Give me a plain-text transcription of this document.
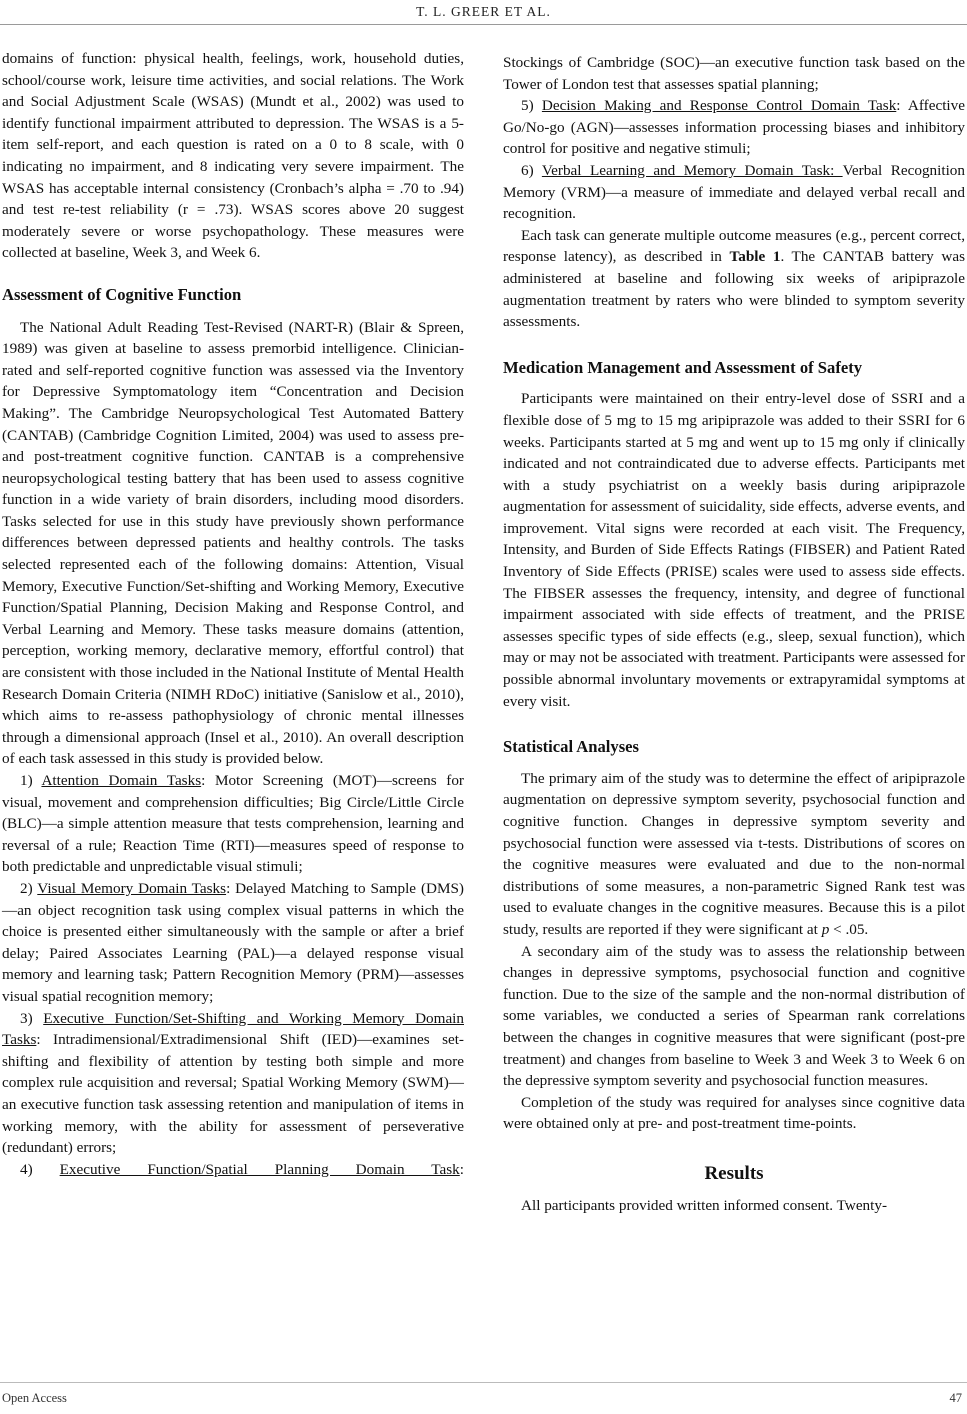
T. L. GREER ET AL.

domains of function: physical health, feelings, work, household duties, school/course work, leisure time activities, and social relations. The Work and Social Adjustment Scale (WSAS) (Mundt et al., 2002) was used to identify functional impairment attributed to depression. The WSAS is a 5-item self-report, and each question is rated on a 0 to 8 scale, with 0 indicating no impairment, and 8 indicating very severe impairment. The WSAS has acceptable internal consistency (Cronbach’s alpha = .70 to .94) and test re-test reliability (r = .73). WSAS scores above 20 suggest moderately severe or worse psychopathology. These measures were collected at baseline, Week 3, and Week 6.

Assessment of Cognitive Function

The National Adult Reading Test-Revised (NART-R) (Blair & Spreen, 1989) was given at baseline to assess premorbid intelligence. Clinician-rated and self-reported cognitive function was assessed via the Inventory for Depressive Symptomatology item “Concentration and Decision Making”. The Cambridge Neuropsychological Test Automated Battery (CANTAB) (Cambridge Cognition Limited, 2004) was used to assess pre- and post-treatment cognitive function. CANTAB is a comprehensive neuropsychological testing battery that has been used to assess cognitive function in a wide variety of brain disorders, including mood disorders. Tasks selected for use in this study have previously shown performance differences between depressed patients and healthy controls. The tasks selected represented each of the following domains: Attention, Visual Memory, Executive Function/Set-shifting and Working Memory, Executive Function/Spatial Planning, Decision Making and Response Control, and Verbal Learning and Memory. These tasks measure domains (attention, perception, working memory, declarative memory, effortful control) that are consistent with those included in the National Institute of Mental Health Research Domain Criteria (NIMH RDoC) initiative (Sanislow et al., 2010), which aims to re-assess pathophysiology of chronic mental illnesses through a dimensional approach (Insel et al., 2010). An overall description of each task assessed in this study is provided below.

1) Attention Domain Tasks: Motor Screening (MOT)—screens for visual, movement and comprehension difficulties; Big Circle/Little Circle (BLC)—a simple attention measure that tests comprehension, learning and reversal of a rule; Reaction Time (RTI)—measures speed of response to both predictable and unpredictable visual stimuli;

2) Visual Memory Domain Tasks: Delayed Matching to Sample (DMS)—an object recognition task using complex visual patterns in which the choice is presented either simultaneously with the sample or after a brief delay; Paired Associates Learning (PAL)—a delayed response visual memory and learning task; Pattern Recognition Memory (PRM)—assesses visual spatial recognition memory;

3) Executive Function/Set-Shifting and Working Memory Domain Tasks: Intradimensional/Extradimensional Shift (IED)—examines set-shifting and flexibility of attention by testing both simple and more complex rule acquisition and reversal; Spatial Working Memory (SWM)—an executive function task assessing retention and manipulation of items in working memory, with the ability for assessment of perseverative (redundant) errors;

4) Executive Function/Spatial Planning Domain Task:

Stockings of Cambridge (SOC)—an executive function task based on the Tower of London test that assesses spatial planning;

5) Decision Making and Response Control Domain Task: Affective Go/No-go (AGN)—assesses information processing biases and inhibitory control for positive and negative stimuli;

6) Verbal Learning and Memory Domain Task: Verbal Recognition Memory (VRM)—a measure of immediate and delayed verbal recall and recognition.

Each task can generate multiple outcome measures (e.g., percent correct, response latency), as described in Table 1. The CANTAB battery was administered at baseline and following six weeks of aripiprazole augmentation treatment by raters who were blinded to symptom severity assessments.

Medication Management and Assessment of Safety

Participants were maintained on their entry-level dose of SSRI and a flexible dose of 5 mg to 15 mg aripiprazole was added to their SSRI for 6 weeks. Participants started at 5 mg and went up to 15 mg only if clinically indicated and not contraindicated due to adverse effects. Participants met with a study psychiatrist on a weekly basis during aripiprazole augmentation for assessment of suicidality, side effects, adverse events, and improvement. Vital signs were recorded at each visit. The Frequency, Intensity, and Burden of Side Effects Ratings (FIBSER) and Patient Rated Inventory of Side Effects (PRISE) scales were used to assess side effects. The FIBSER assesses the frequency, intensity, and degree of functional impairment associated with side effects of treatment, and the PRISE assesses specific types of side effects (e.g., sleep, sexual function), which may or may not be associated with treatment. Participants were assessed for possible abnormal involuntary movements or extrapyramidal symptoms at every visit.

Statistical Analyses

The primary aim of the study was to determine the effect of aripiprazole augmentation on depressive symptom severity, psychosocial function and cognitive function. Changes in depressive symptom severity and psychosocial function were assessed via t-tests. Distributions of scores on the cognitive measures were evaluated and due to the non-normal distributions of some measures, a non-parametric Signed Rank test was used to evaluate changes in the cognitive measures. Because this is a pilot study, results are reported if they were significant at p < .05.

A secondary aim of the study was to assess the relationship between changes in depressive symptoms, psychosocial function and cognitive function. Due to the size of the sample and the non-normal distribution of some variables, we conducted a series of Spearman rank correlations between the changes in cognitive measures that were significant (post-pre treatment) and changes from baseline to Week 3 and Week 3 to Week 6 on the depressive symptom severity and psychosocial function measures.

Completion of the study was required for analyses since cognitive data were obtained only at pre- and post-treatment time-points.

Results

All participants provided written informed consent. Twenty-

Open Access	47
